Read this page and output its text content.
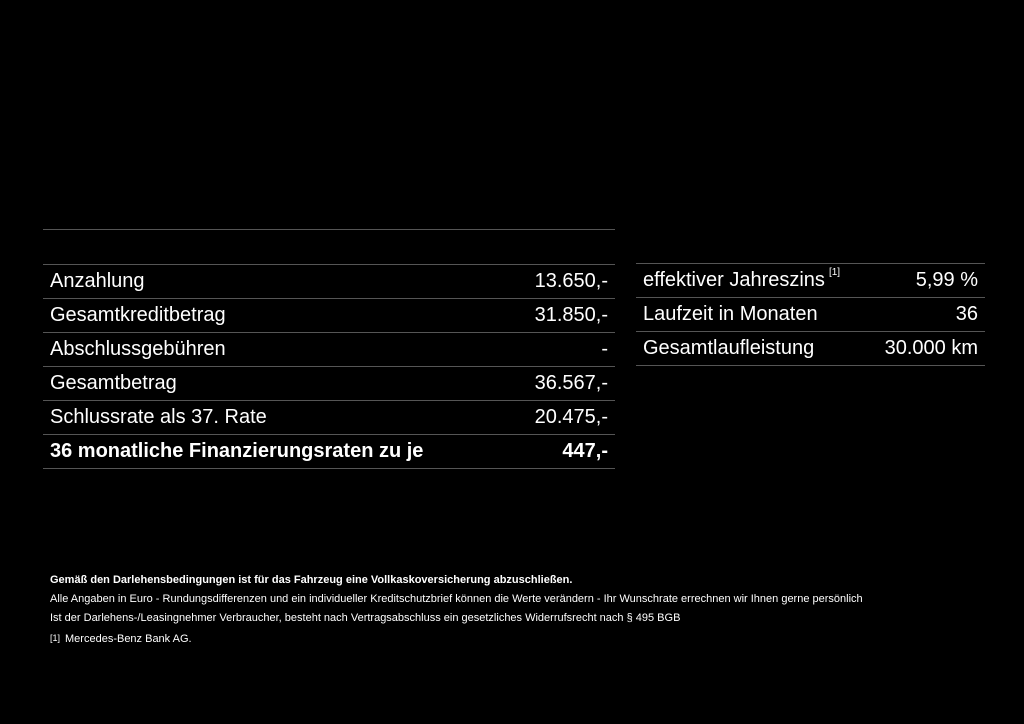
Anzahlung	13.650,-
Gesamtkreditbetrag	31.850,-
Abschlussgebühren	-
Gesamtbetrag	36.567,-
Schlussrate als 37. Rate	20.475,-
36 monatliche Finanzierungsraten zu je	447,-
effektiver Jahreszins [1]	5,99 %
Laufzeit in Monaten	36
Gesamtlaufleistung	30.000 km
Gemäß den Darlehensbedingungen ist für das Fahrzeug eine Vollkaskoversicherung abzuschließen.
Alle Angaben in Euro - Rundungsdifferenzen und ein individueller Kreditschutzbrief können die Werte verändern - Ihr Wunschrate errechnen wir Ihnen gerne persönlich
Ist der Darlehens-/Leasingnehmer Verbraucher, besteht nach Vertragsabschluss ein gesetzliches Widerrufsrecht nach § 495 BGB
[1] Mercedes-Benz Bank AG.
